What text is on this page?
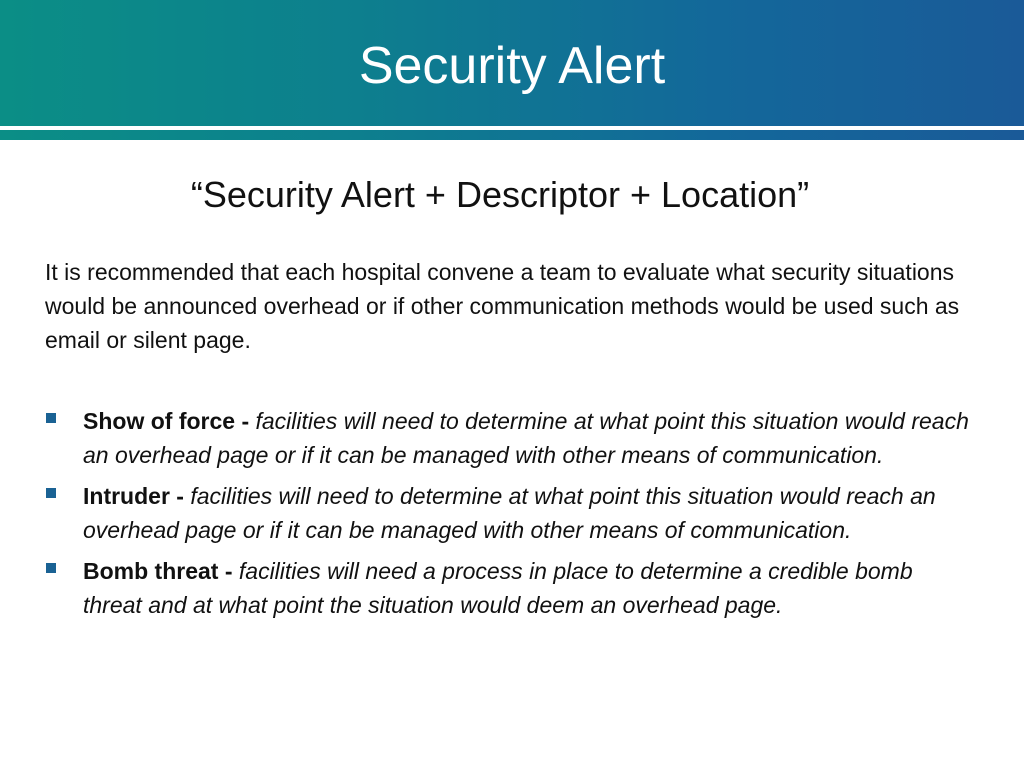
Security Alert
“Security Alert + Descriptor + Location”
It is recommended that each hospital convene a team to evaluate what security situations would be announced overhead or if other communication methods would be used such as email or silent page.
Show of force - facilities will need to determine at what point this situation would reach an overhead page or if it can be managed with other means of communication.
Intruder - facilities will need to determine at what point this situation would reach an overhead page or if it can be managed with other means of communication.
Bomb threat - facilities will need a process in place to determine a credible bomb threat and at what point the situation would deem an overhead page.
